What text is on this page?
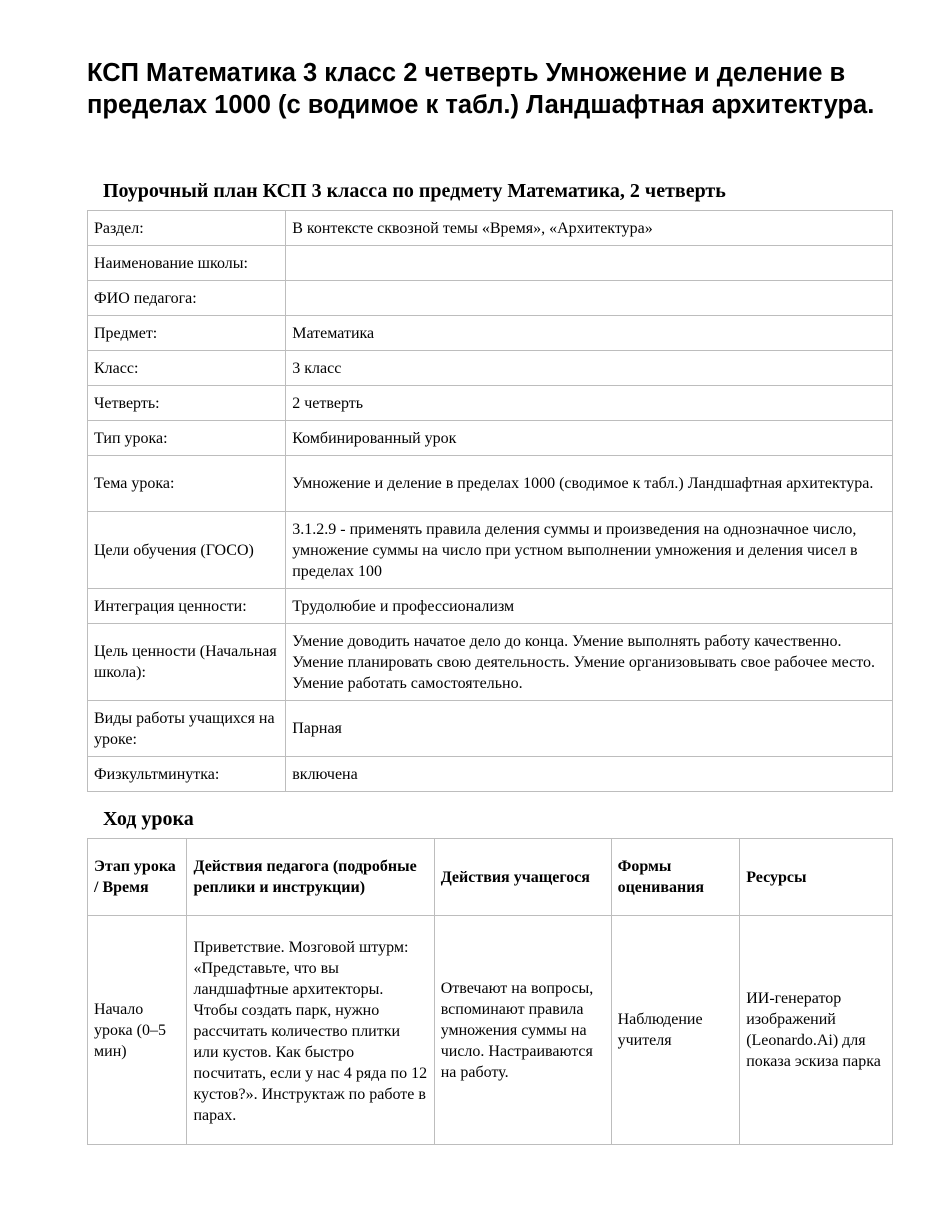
КСП Математика 3 класс 2 четверть Умножение и деление в пределах 1000 (с водимое к табл.) Ландшафтная архитектура.
Поурочный план КСП 3 класса по предмету Математика, 2 четверть
Раздел:	В контексте сквозной темы «Время», «Архитектура»
Наименование школы:	
ФИО педагога:	
Предмет:	Математика
Класс:	3 класс
Четверть:	2 четверть
Тип урока:	Комбинированный урок
Тема урока:	Умножение и деление в пределах 1000 (сводимое к табл.) Ландшафтная архитектура.
Цели обучения (ГОСО)	3.1.2.9 - применять правила деления суммы и произведения на однозначное число, умножение суммы на число при устном выполнении умножения и деления чисел в пределах 100
Интеграция ценности:	Трудолюбие и профессионализм
Цель ценности (Начальная школа):	Умение доводить начатое дело до конца. Умение выполнять работу качественно. Умение планировать свою деятельность. Умение организовывать свое рабочее место. Умение работать самостоятельно.
Виды работы учащихся на уроке:	Парная
Физкультминутка:	включена
Ход урока
Этап урока / Время	Действия педагога (подробные реплики и инструкции)	Действия учащегося	Формы оценивания	Ресурсы
Начало урока (0–5 мин)	Приветствие. Мозговой штурм: «Представьте, что вы ландшафтные архитекторы. Чтобы создать парк, нужно рассчитать количество плитки или кустов. Как быстро посчитать, если у нас 4 ряда по 12 кустов?». Инструктаж по работе в парах.	Отвечают на вопросы, вспоминают правила умножения суммы на число. Настраиваются на работу.	Наблюдение учителя	ИИ-генератор изображений (Leonardo.Ai) для показа эскиза парка
